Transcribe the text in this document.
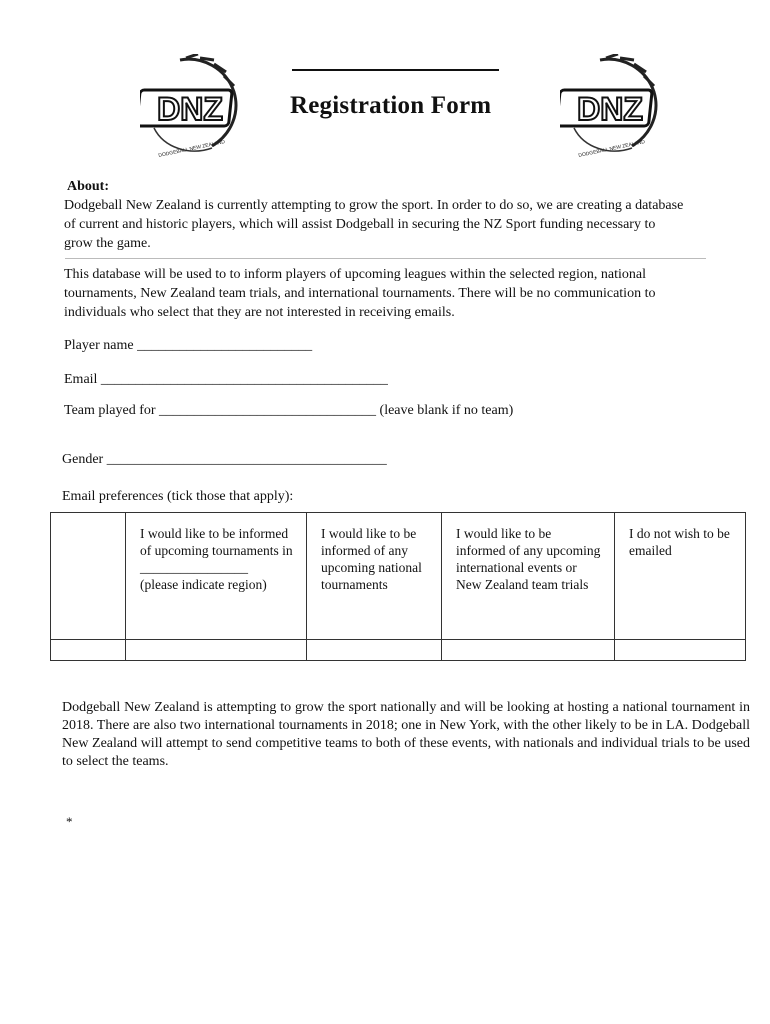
DNZ
DODGEBALL NEW ZEALAND
Registration Form	DNZ
DODGEBALL NEW ZEALAND
About:
Dodgeball New Zealand is currently attempting to grow the sport. In order to do so, we are creating a database of current and historic players, which will assist Dodgeball in securing the NZ Sport funding necessary to grow the game.
This database will be used to to inform players of upcoming leagues within the selected region, national tournaments, New Zealand team trials, and international tournaments. There will be no communication to individuals who select that they are not interested in receiving emails.
Player name _________________________
Email _________________________________________
Team played for _______________________________ (leave blank if no team)
Gender ________________________________________
Email preferences (tick those that apply):

	I would like to be informed of upcoming tournaments in
________________
(please indicate region)	I would like to be informed of any upcoming national tournaments	I would like to be informed of any upcoming international events or New Zealand team trials	I do not wish to be emailed

Dodgeball New Zealand is attempting to grow the sport nationally and will be looking at hosting a national tournament in 2018. There are also two international tournaments in 2018; one in New York, with the other likely to be in LA. Dodgeball New Zealand will attempt to send competitive teams to both of these events, with nationals and individual trials to be used to select the teams.
*
